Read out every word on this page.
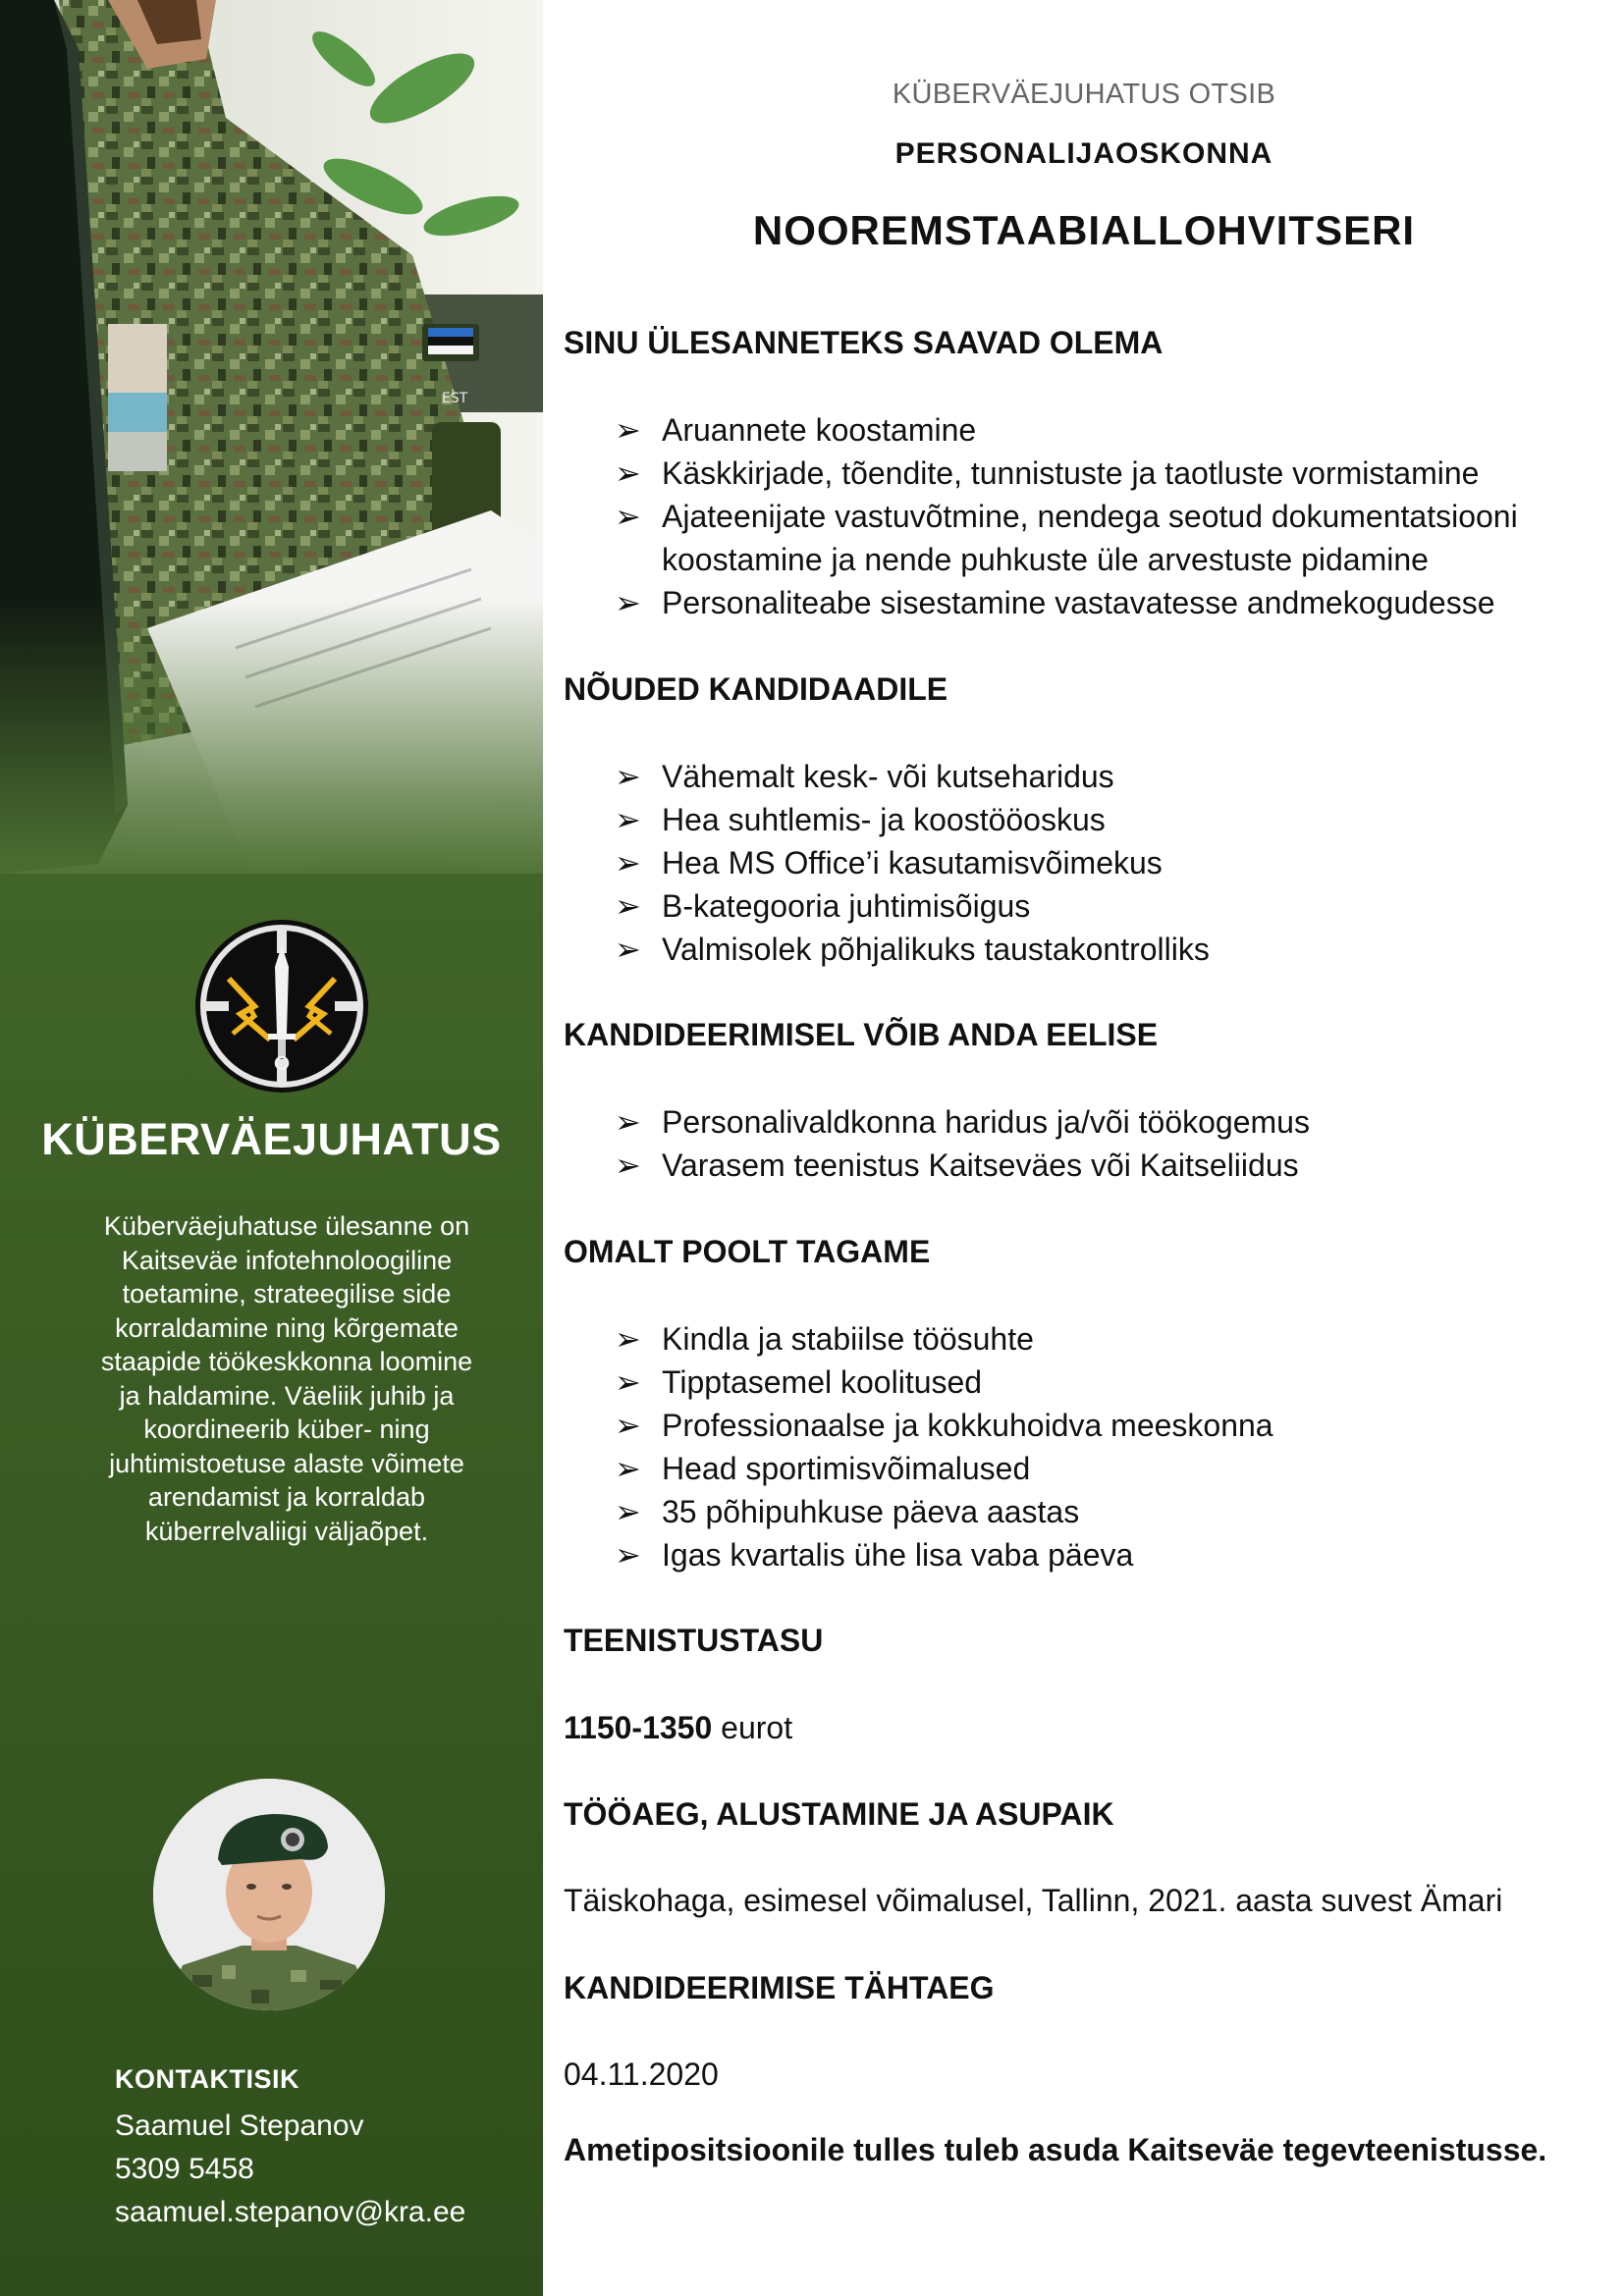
EST
KÜBERVÄEJUHATUS

Küberväejuhatuse ülesanne on Kaitseväe infotehnoloogiline toetamine, strateegilise side korraldamine ning kõrgemate staapide töökeskkonna loomine ja haldamine. Väeliik juhib ja koordineerib küber- ning juhtimistoetuse alaste võimete arendamist ja korraldab küberrelvaliigi väljaõpet.

KONTAKTISIK

Saamuel Stepanov

5309 5458

saamuel.stepanov@kra.ee

KÜBERVÄEJUHATUS OTSIB

PERSONALIJAOSKONNA

NOOREMSTAABIALLOHVITSERI
SINU ÜLESANNETEKS SAAVAD OLEMA
➢ Aruannete koostamine
➢ Käskkirjade, tõendite, tunnistuste ja taotluste vormistamine
➢ Ajateenijate vastuvõtmine, nendega seotud dokumentatsiooni koostamine ja nende puhkuste üle arvestuste pidamine
➢ Personaliteabe sisestamine vastavatesse andmekogudesse
NÕUDED KANDIDAADILE
➢ Vähemalt kesk- või kutseharidus
➢ Hea suhtlemis- ja koostööoskus
➢ Hea MS Office’i kasutamisvõimekus
➢ B-kategooria juhtimisõigus
➢ Valmisolek põhjalikuks taustakontrolliks
KANDIDEERIMISEL VÕIB ANDA EELISE
➢ Personalivaldkonna haridus ja/või töökogemus
➢ Varasem teenistus Kaitseväes või Kaitseliidus
OMALT POOLT TAGAME
➢ Kindla ja stabiilse töösuhte
➢ Tipptasemel koolitused
➢ Professionaalse ja kokkuhoidva meeskonna
➢ Head sportimisvõimalused
➢ 35 põhipuhkuse päeva aastas
➢ Igas kvartalis ühe lisa vaba päeva
TEENISTUSTASU

1150-1350 eurot

TÖÖAEG, ALUSTAMINE JA ASUPAIK

Täiskohaga, esimesel võimalusel, Tallinn, 2021. aasta suvest Ämari

KANDIDEERIMISE TÄHTAEG

04.11.2020

Ametipositsioonile tulles tuleb asuda Kaitseväe tegevteenistusse.
